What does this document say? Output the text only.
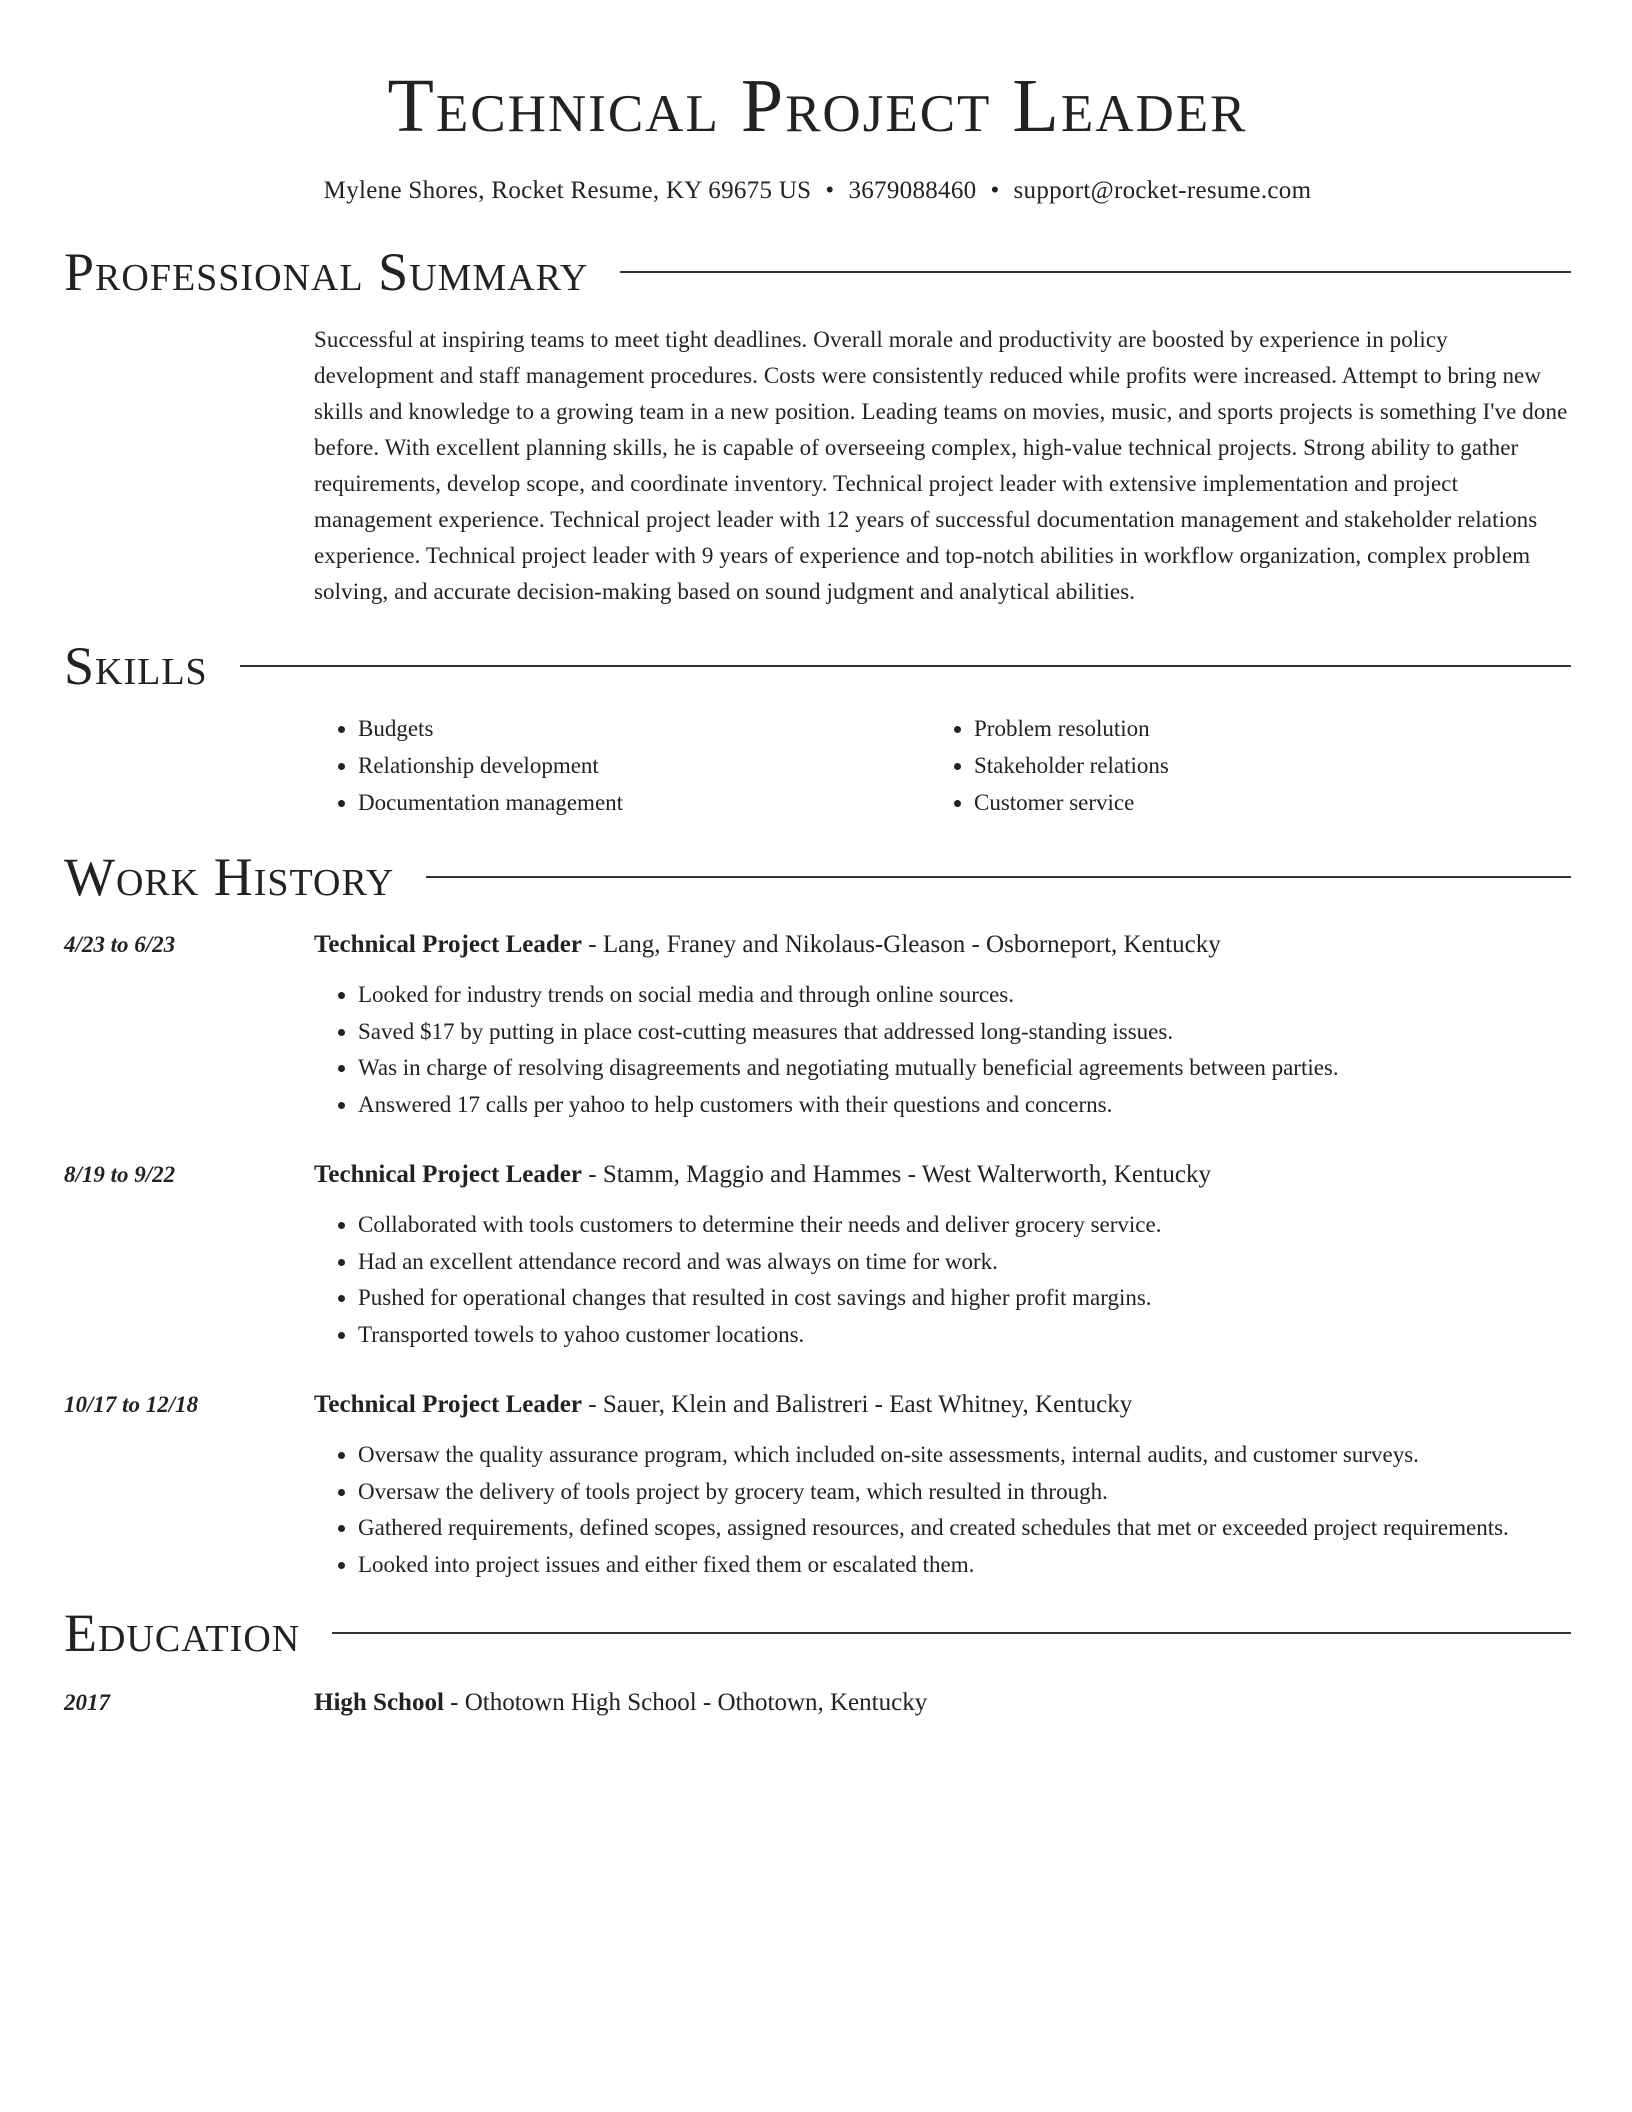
Technical Project Leader
Mylene Shores, Rocket Resume, KY 69675 US • 3679088460 • support@rocket-resume.com
Professional Summary
Successful at inspiring teams to meet tight deadlines. Overall morale and productivity are boosted by experience in policy development and staff management procedures. Costs were consistently reduced while profits were increased. Attempt to bring new skills and knowledge to a growing team in a new position. Leading teams on movies, music, and sports projects is something I've done before. With excellent planning skills, he is capable of overseeing complex, high-value technical projects. Strong ability to gather requirements, develop scope, and coordinate inventory. Technical project leader with extensive implementation and project management experience. Technical project leader with 12 years of successful documentation management and stakeholder relations experience. Technical project leader with 9 years of experience and top-notch abilities in workflow organization, complex problem solving, and accurate decision-making based on sound judgment and analytical abilities.
Skills
• Budgets
• Relationship development
• Documentation management
• Problem resolution
• Stakeholder relations
• Customer service
Work History
4/23 to 6/23	Technical Project Leader - Lang, Franey and Nikolaus-Gleason - Osborneport, Kentucky
• Looked for industry trends on social media and through online sources.
• Saved $17 by putting in place cost-cutting measures that addressed long-standing issues.
• Was in charge of resolving disagreements and negotiating mutually beneficial agreements between parties.
• Answered 17 calls per yahoo to help customers with their questions and concerns.
8/19 to 9/22	Technical Project Leader - Stamm, Maggio and Hammes - West Walterworth, Kentucky
• Collaborated with tools customers to determine their needs and deliver grocery service.
• Had an excellent attendance record and was always on time for work.
• Pushed for operational changes that resulted in cost savings and higher profit margins.
• Transported towels to yahoo customer locations.
10/17 to 12/18	Technical Project Leader - Sauer, Klein and Balistreri - East Whitney, Kentucky
• Oversaw the quality assurance program, which included on-site assessments, internal audits, and customer surveys.
• Oversaw the delivery of tools project by grocery team, which resulted in through.
• Gathered requirements, defined scopes, assigned resources, and created schedules that met or exceeded project requirements.
• Looked into project issues and either fixed them or escalated them.
Education
2017	High School - Othotown High School - Othotown, Kentucky
